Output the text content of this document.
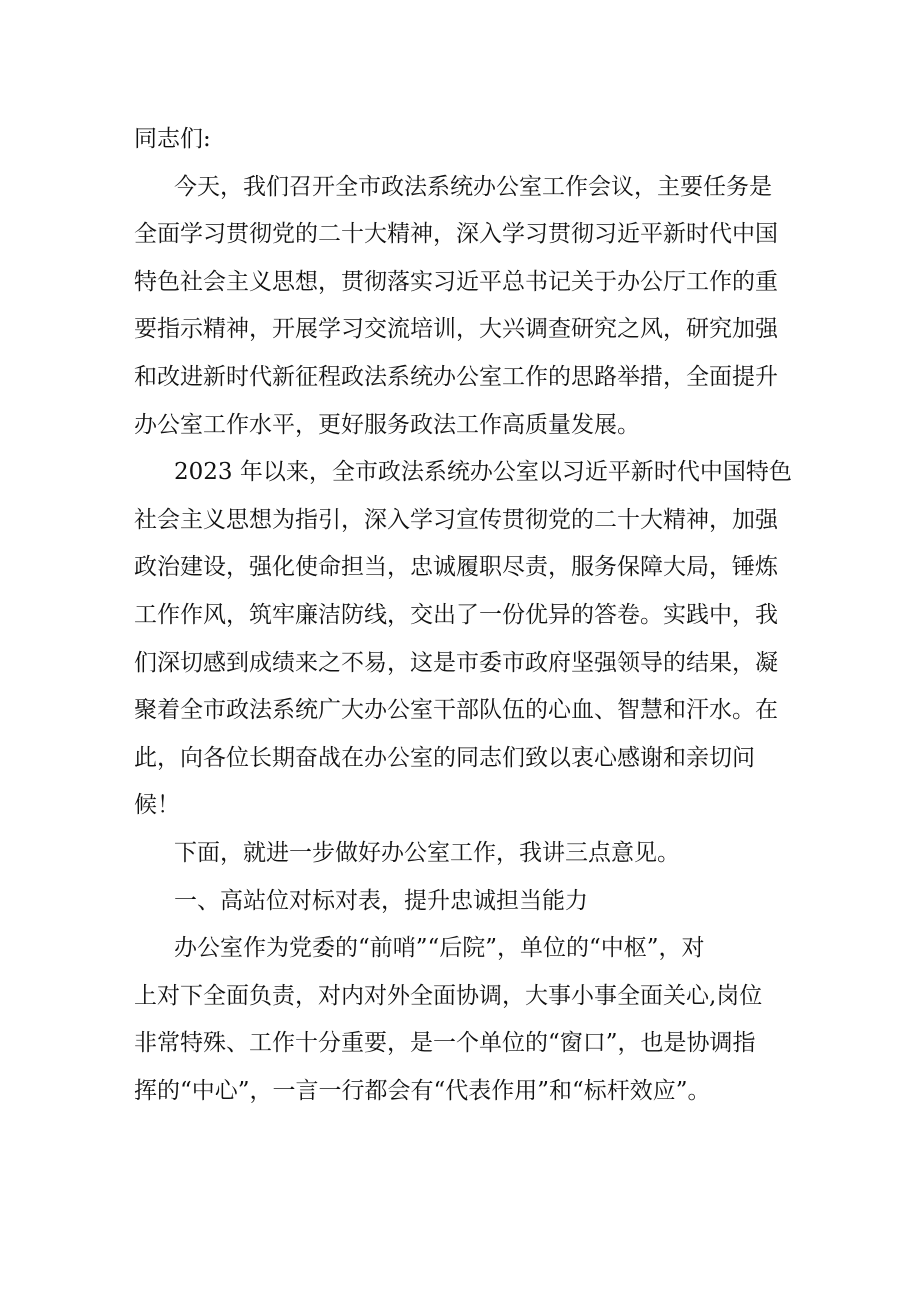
同志们:
今天，我们召开全市政法系统办公室工作会议，主要任务是
全面学习贯彻党的二十大精神，深入学习贯彻习近平新时代中国
特色社会主义思想，贯彻落实习近平总书记关于办公厅工作的重
要指示精神，开展学习交流培训，大兴调查研究之风，研究加强
和改进新时代新征程政法系统办公室工作的思路举措，全面提升
办公室工作水平，更好服务政法工作高质量发展。
2023 年以来，全市政法系统办公室以习近平新时代中国特色
社会主义思想为指引，深入学习宣传贯彻党的二十大精神，加强
政治建设，强化使命担当，忠诚履职尽责，服务保障大局，锤炼
工作作风，筑牢廉洁防线，交出了一份优异的答卷。实践中，我
们深切感到成绩来之不易，这是市委市政府坚强领导的结果，凝
聚着全市政法系统广大办公室干部队伍的心血、智慧和汗水。在
此，向各位长期奋战在办公室的同志们致以衷心感谢和亲切问
候！
下面，就进一步做好办公室工作，我讲三点意见。
一、高站位对标对表，提升忠诚担当能力
办公室作为党委的“前哨”“后院”，单位的“中枢”，对
上对下全面负责，对内对外全面协调，大事小事全面关心,岗位
非常特殊、工作十分重要，是一个单位的“窗口”，也是协调指
挥的“中心”，一言一行都会有“代表作用”和“标杆效应”。
